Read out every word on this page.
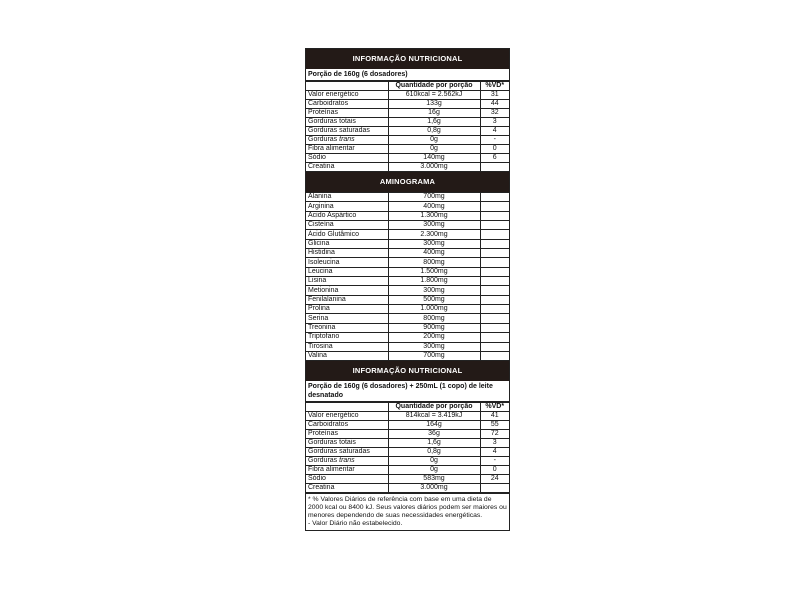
INFORMAÇÃO NUTRICIONAL
Porção de 160g (6 dosadores)
	Quantidade por porção	%VD*
Valor energético	610kcal = 2.562kJ	31
Carboidratos	133g	44
Proteínas	16g	32
Gorduras totais	1,6g	3
Gorduras saturadas	0,8g	4
Gorduras trans	0g	-
Fibra alimentar	0g	0
Sódio	140mg	6
Creatina	3.000mg	
AMINOGRAMA
Alanina	700mg	
Arginina	400mg	
Ácido Aspártico	1.300mg	
Cisteína	300mg	
Ácido Glutâmico	2.300mg	
Glicina	300mg	
Histidina	400mg	
Isoleucina	800mg	
Leucina	1.500mg	
Lisina	1.800mg	
Metionina	300mg	
Fenilalanina	500mg	
Prolina	1.000mg	
Serina	800mg	
Treonina	900mg	
Triptofano	200mg	
Tirosina	300mg	
Valina	700mg	
INFORMAÇÃO NUTRICIONAL
Porção de 160g (6 dosadores) + 250mL (1 copo) de leite desnatado
	Quantidade por porção	%VD*
Valor energético	814kcal = 3.419kJ	41
Carboidratos	164g	55
Proteínas	36g	72
Gorduras totais	1,6g	3
Gorduras saturadas	0,8g	4
Gorduras trans	0g	-
Fibra alimentar	0g	0
Sódio	583mg	24
Creatina	3.000mg	
* % Valores Diários de referência com base em uma dieta de 2000 kcal ou 8400 kJ. Seus valores diários podem ser maiores ou menores dependendo de suas necessidades energéticas.
- Valor Diário não estabelecido.
